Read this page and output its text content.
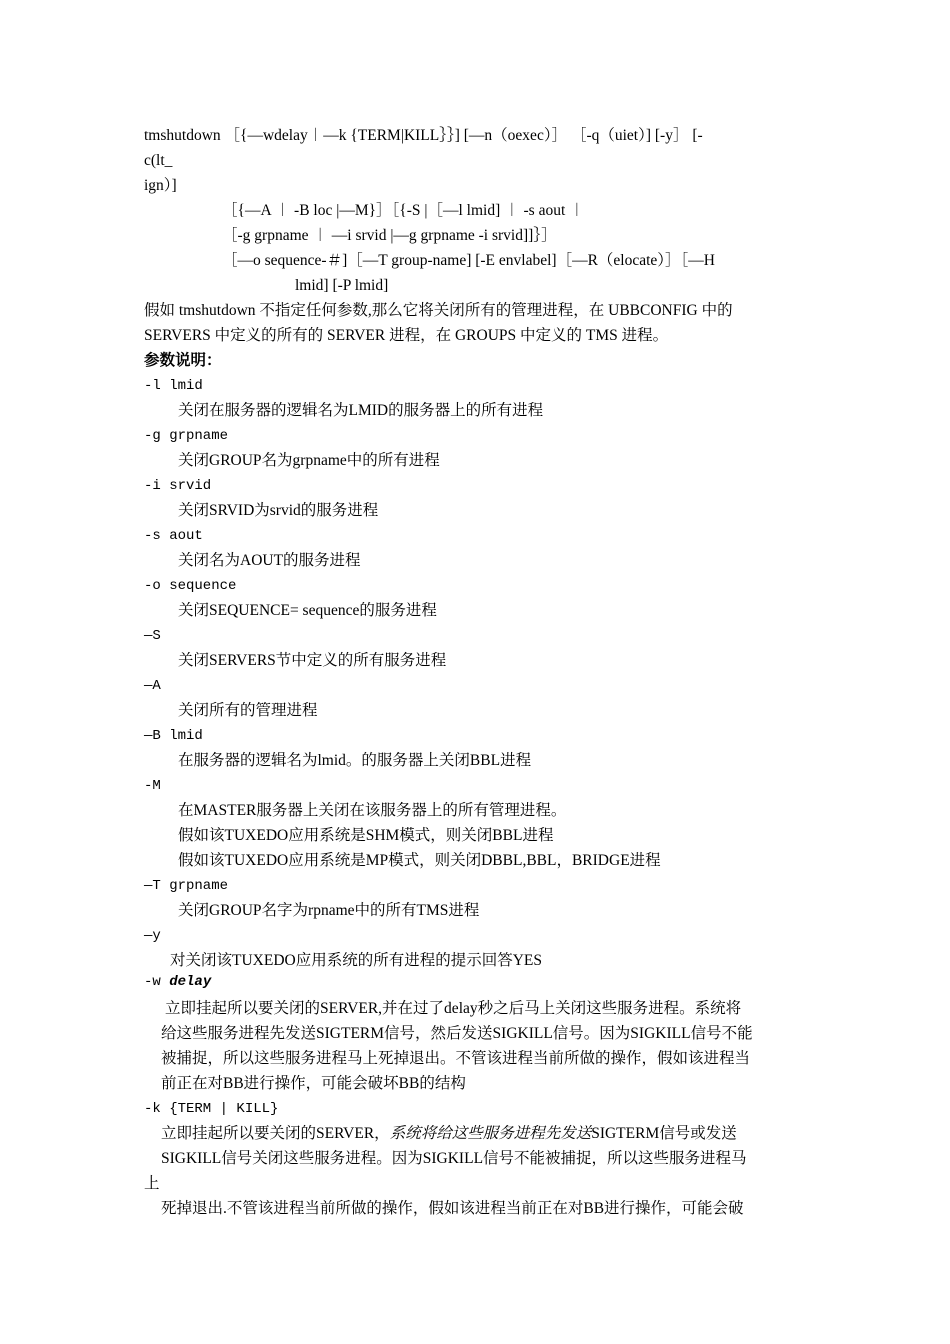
tmshutdown ［{—wdelay︱—k {TERM|KILL｝｝] [—n（oexec）］ ［-q（uiet）] [-y］ [-
c(lt_
ign）]
［{—A ︱ -B loc |—M}］［{-S |［—l lmid] ︱ -s aout ︱
［-g grpname ︱ —i srvid |—g grpname -i srvid]]｝］
［—o sequence-＃]［—T group-name] [-E envlabel]［—R（elocate）］［—H
lmid] [-P lmid]
假如 tmshutdown 不指定任何参数,那么它将关闭所有的管理进程，在 UBBCONFIG 中的
SERVERS 中定义的所有的 SERVER 进程，在 GROUPS 中定义的 TMS 进程。
参数说明：
-l lmid
关闭在服务器的逻辑名为LMID的服务器上的所有进程
-g grpname
关闭GROUP名为grpname中的所有进程
-i srvid
关闭SRVID为srvid的服务进程
-s aout
关闭名为AOUT的服务进程
-o sequence
关闭SEQUENCE= sequence的服务进程
—S
关闭SERVERS节中定义的所有服务进程
—A
关闭所有的管理进程
—B lmid
在服务器的逻辑名为lmid。的服务器上关闭BBL进程
-M
在MASTER服务器上关闭在该服务器上的所有管理进程。
假如该TUXEDO应用系统是SHM模式，则关闭BBL进程
假如该TUXEDO应用系统是MP模式，则关闭DBBL,BBL，BRIDGE进程
—T grpname
关闭GROUP名字为rpname中的所有TMS进程
—y
对关闭该TUXEDO应用系统的所有进程的提示回答YES
-w delay
立即挂起所以要关闭的SERVER,并在过了delay秒之后马上关闭这些服务进程。系统将
给这些服务进程先发送SIGTERM信号，然后发送SIGKILL信号。因为SIGKILL信号不能
被捕捉，所以这些服务进程马上死掉退出。不管该进程当前所做的操作，假如该进程当
前正在对BB进行操作，可能会破坏BB的结构
-k {TERM | KILL}
立即挂起所以要关闭的SERVER，系统将给这些服务进程先发送SIGTERM信号或发送
SIGKILL信号关闭这些服务进程。因为SIGKILL信号不能被捕捉，所以这些服务进程马
上
死掉退出.不管该进程当前所做的操作，假如该进程当前正在对BB进行操作，可能会破
